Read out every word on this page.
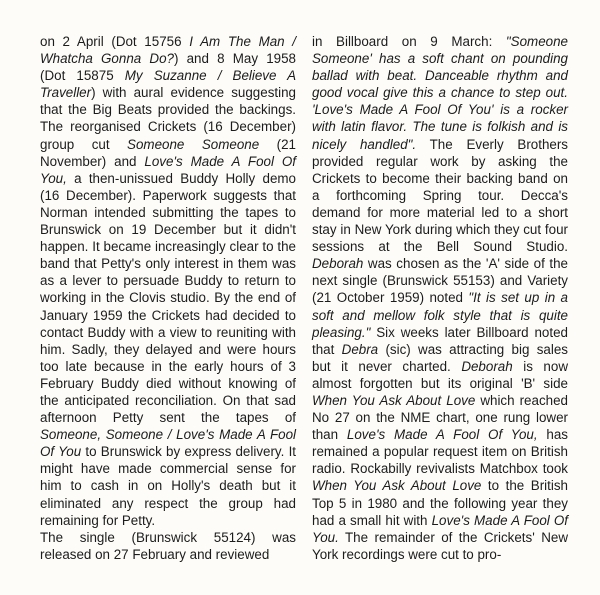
on 2 April (Dot 15756 I Am The Man / Whatcha Gonna Do?) and 8 May 1958 (Dot 15875 My Suzanne / Believe A Traveller) with aural evidence suggesting that the Big Beats provided the backings. The reorganised Crickets (16 December) group cut Someone Someone (21 November) and Love's Made A Fool Of You, a then-unissued Buddy Holly demo (16 December). Paperwork suggests that Norman intended submitting the tapes to Brunswick on 19 December but it didn't happen. It became increasingly clear to the band that Petty's only interest in them was as a lever to persuade Buddy to return to working in the Clovis studio. By the end of January 1959 the Crickets had decided to contact Buddy with a view to reuniting with him. Sadly, they delayed and were hours too late because in the early hours of 3 February Buddy died without knowing of the anticipated reconciliation. On that sad afternoon Petty sent the tapes of Someone, Someone / Love's Made A Fool Of You to Brunswick by express delivery. It might have made commercial sense for him to cash in on Holly's death but it eliminated any respect the group had remaining for Petty.

The single (Brunswick 55124) was released on 27 February and reviewed

in Billboard on 9 March: "Someone Someone' has a soft chant on pounding ballad with beat. Danceable rhythm and good vocal give this a chance to step out. 'Love's Made A Fool Of You' is a rocker with latin flavor. The tune is folkish and is nicely handled". The Everly Brothers provided regular work by asking the Crickets to become their backing band on a forthcoming Spring tour. Decca's demand for more material led to a short stay in New York during which they cut four sessions at the Bell Sound Studio. Deborah was chosen as the 'A' side of the next single (Brunswick 55153) and Variety (21 October 1959) noted "It is set up in a soft and mellow folk style that is quite pleasing." Six weeks later Billboard noted that Debra (sic) was attracting big sales but it never charted. Deborah is now almost forgotten but its original 'B' side When You Ask About Love which reached No 27 on the NME chart, one rung lower than Love's Made A Fool Of You, has remained a popular request item on British radio. Rockabilly revivalists Matchbox took When You Ask About Love to the British Top 5 in 1980 and the following year they had a small hit with Love's Made A Fool Of You. The remainder of the Crickets' New York recordings were cut to pro-
